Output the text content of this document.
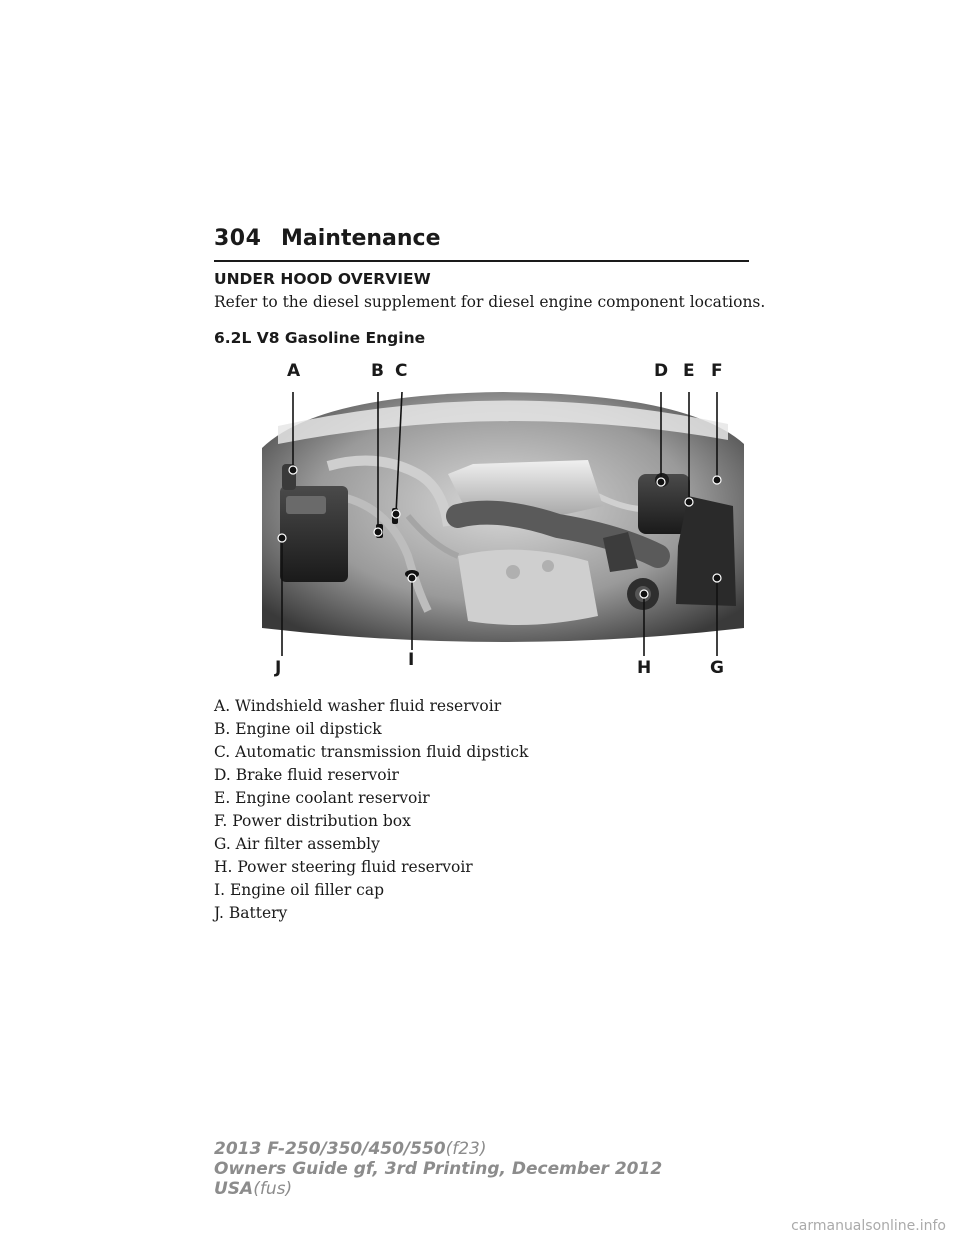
304 Maintenance
UNDER HOOD OVERVIEW
Refer to the diesel supplement for diesel engine component locations.
6.2L V8 Gasoline Engine
A	B C	D E F
J	I	H	G
A. Windshield washer fluid reservoir
B. Engine oil dipstick
C. Automatic transmission fluid dipstick
D. Brake fluid reservoir
E. Engine coolant reservoir
F. Power distribution box
G. Air filter assembly
H. Power steering fluid reservoir
I. Engine oil filler cap
J. Battery
2013 F-250/350/450/550(f23)
Owners Guide gf, 3rd Printing, December 2012
USA(fus)
carmanualsonline.info
